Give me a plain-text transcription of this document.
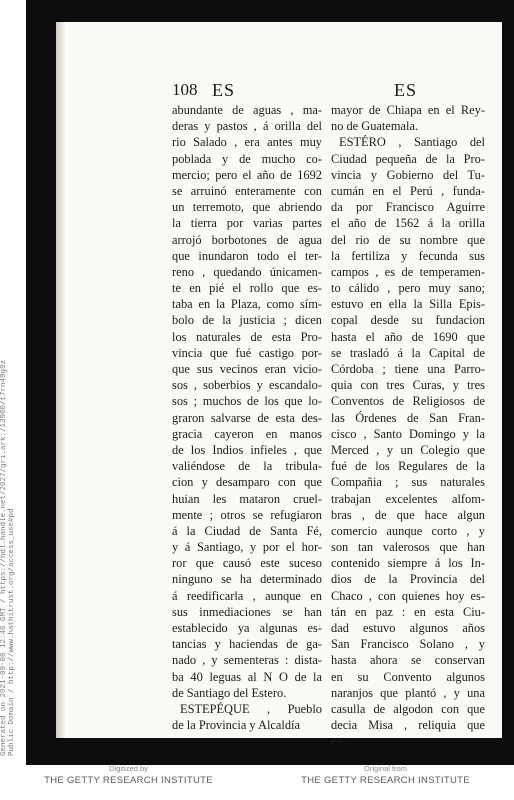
108 ES	ES
abundante de aguas , ma-
deras y pastos , á orilla del
rio Salado , era antes muy
poblada y de mucho co-
mercio; pero el año de 1692
se arruinó enteramente con
un terremoto, que abriendo
la tierra por varias partes
arrojó borbotones de agua
que inundaron todo el ter-
reno , quedando únicamen-
te en pié el rollo que es-
taba en la Plaza, como sím-
bolo de la justicia ; dicen
los naturales de esta Pro-
vincia que fué castigo por-
que sus vecinos eran vicio-
sos , soberbios y escandalo-
sos ; muchos de los que lo-
graron salvarse de esta des-
gracia cayeron en manos
de los Indios infieles , que
valiéndose de la tribula-
cion y desamparo con que
huian les mataron cruel-
mente ; otros se refugiaron
á la Ciudad de Santa Fé,
y á Santiago, y por el hor-
ror que causó este suceso
ninguno se ha determinado
á reedificarla , aunque en
sus inmediaciones se han
establecido ya algunas es-
tancias y haciendas de ga-
nado , y sementeras : dista-
ba 40 leguas al N O de la
de Santiago del Estero.
ESTEPÉQUE , Pueblo
de la Provincia y Alcaldía
mayor de Chiapa en el Rey-
no de Guatemala.
ESTÉRO , Santiago del
Ciudad pequeña de la Pro-
vincia y Gobierno del Tu-
cumán en el Perú , funda-
da por Francisco Aguirre
el año de 1562 á la orilla
del rio de su nombre que
la fertiliza y fecunda sus
campos , es de temperamen-
to cálido , pero muy sano;
estuvo en ella la Silla Epis-
copal desde su fundacion
hasta el año de 1690 que
se trasladó á la Capital de
Córdoba ; tiene una Parro-
quia con tres Curas, y tres
Conventos de Religiosos de
las Órdenes de San Fran-
cisco , Santo Domingo y la
Merced , y un Colegio que
fué de los Regulares de la
Compañia ; sus naturales
trabajan excelentes alfom-
bras , de que hace algun
comercio aunque corto , y
son tan valerosos que han
contenido siempre á los In-
dios de la Provincia del
Chaco , con quienes hoy es-
tán en paz : en esta Ciu-
dad estuvo algunos años
San Francisco Solano , y
hasta ahora se conservan
en su Convento algunos
naranjos que plantó , y una
casulla de algodon con que
decia Misa , reliquia que
es-
Generated on 2021-09-08 12:46 GMT / https://hdl.handle.net/2027/gri.ark:/13960/t7rn49g9z Public Domain / http://www.hathitrust.org/access_use#pd
Digitized by
THE GETTY RESEARCH INSTITUTE
Original from
THE GETTY RESEARCH INSTITUTE
